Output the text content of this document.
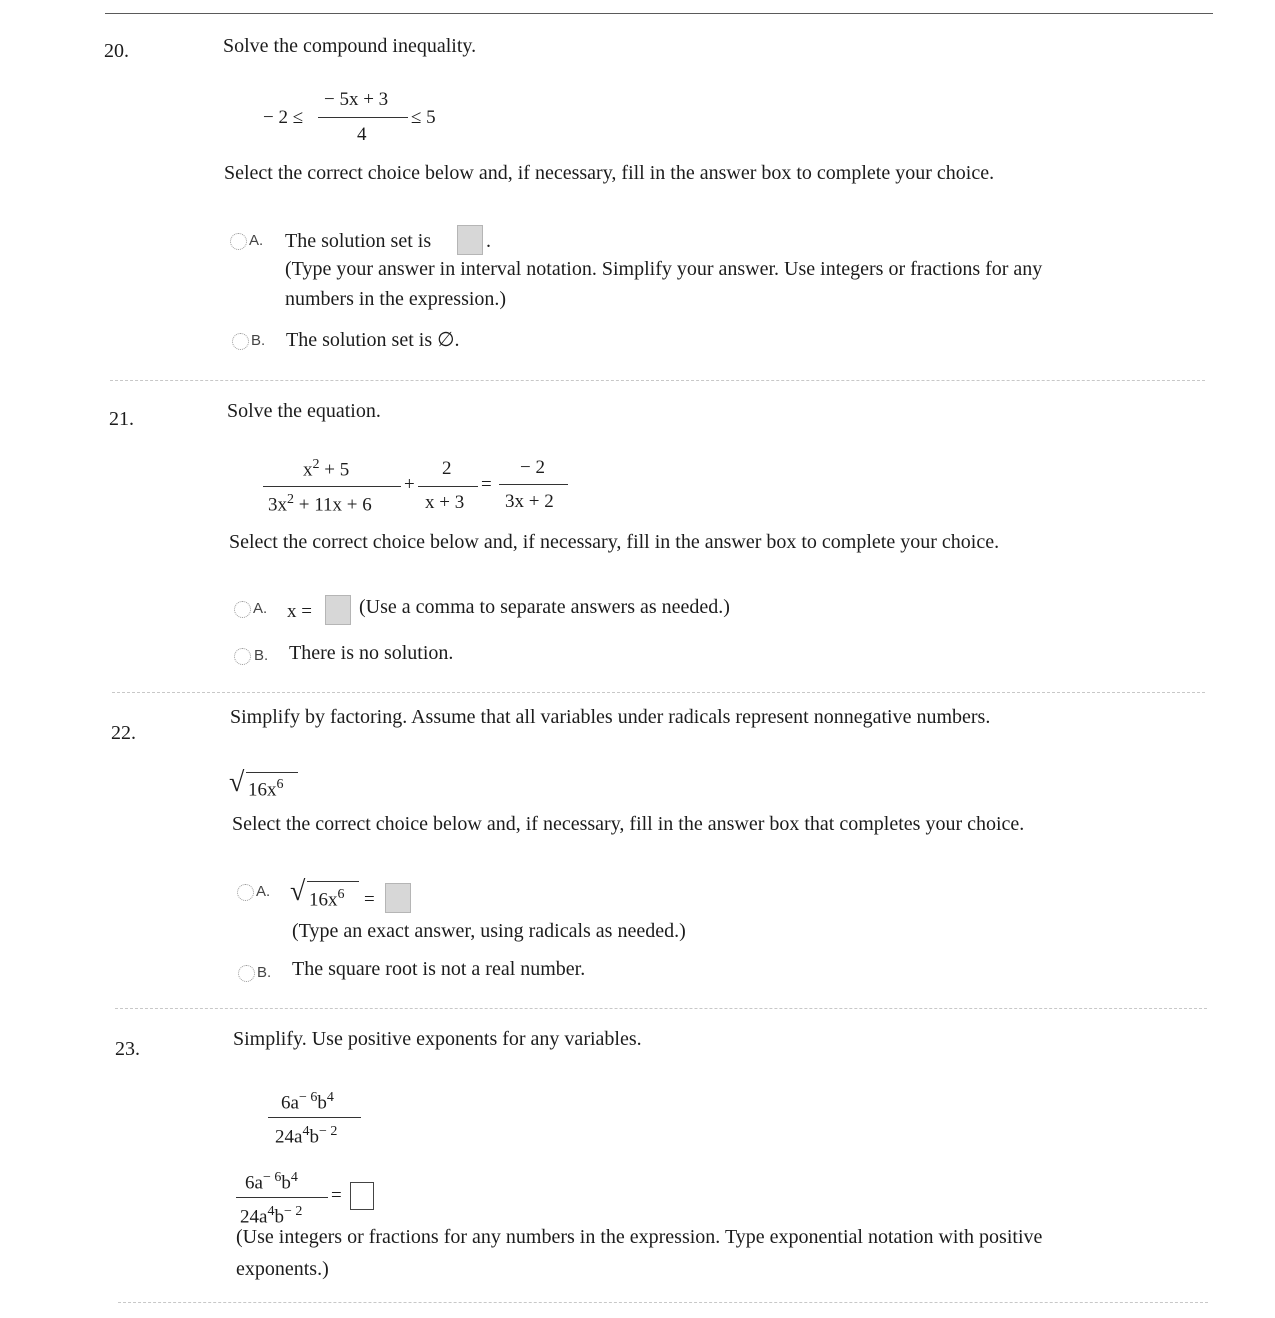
20.	Solve the compound inequality.
− 2 ≤
− 5x + 3
4
≤ 5
Select the correct choice below and, if necessary, fill in the answer box to complete your choice.
A. The solution set is	.
(Type your answer in interval notation. Simplify your answer. Use integers or fractions for any
numbers in the expression.)
B. The solution set is ∅.
21.	Solve the equation.
$x^2 + 5$
$3x^2 + 11x + 6$
+
2
x + 3
=
− 2
3x + 2
Select the correct choice below and, if necessary, fill in the answer box to complete your choice.
A. x = (Use a comma to separate answers as needed.)
B. There is no solution.
22.
Simplify by factoring. Assume that all variables under radicals represent nonnegative numbers.
√ $16x^6$
Select the correct choice below and, if necessary, fill in the answer box that completes your choice.
A. √ $16x^6$ =
(Type an exact answer, using radicals as needed.)
B. The square root is not a real number.
23.	Simplify. Use positive exponents for any variables.
$6a^{- 6}b^4$
$24a^4b^{- 2}$
$6a^{- 6}b^4$
$24a^4b^{- 2}$
=
(Use integers or fractions for any numbers in the expression. Type exponential notation with positive
exponents.)
